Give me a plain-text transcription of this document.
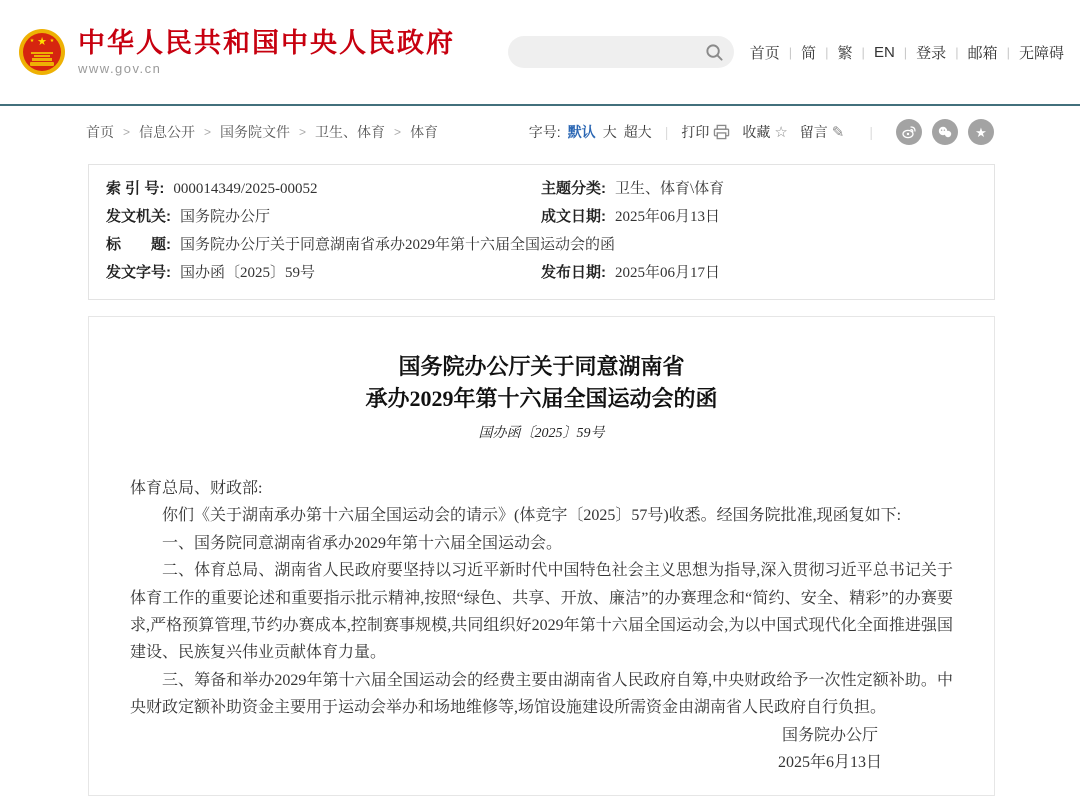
★
★	★ 中华人民共和国中央人民政府
www.gov.cn
首页 | 简 | 繁 | EN | 登录 | 邮箱 | 无障碍
首页 > 信息公开 > 国务院文件 > 卫生、体育 > 体育	字号: 默认 大 超大 | 打印 收藏 ☆ 留言 ✎ |	★
索 引 号: 000014349/2025-00052	主题分类: 卫生、体育\体育
发文机关: 国务院办公厅	成文日期: 2025年06月13日
标　　题: 国务院办公厅关于同意湖南省承办2029年第十六届全国运动会的函
发文字号: 国办函〔2025〕59号	发布日期: 2025年06月17日
国务院办公厅关于同意湖南省
承办2029年第十六届全国运动会的函
国办函〔2025〕59号

体育总局、财政部:

你们《关于湖南承办第十六届全国运动会的请示》(体竞字〔2025〕57号)收悉。经国务院批准,现函复如下:

一、国务院同意湖南省承办2029年第十六届全国运动会。

二、体育总局、湖南省人民政府要坚持以习近平新时代中国特色社会主义思想为指导,深入贯彻习近平总书记关于体育工作的重要论述和重要指示批示精神,按照“绿色、共享、开放、廉洁”的办赛理念和“简约、安全、精彩”的办赛要求,严格预算管理,节约办赛成本,控制赛事规模,共同组织好2029年第十六届全国运动会,为以中国式现代化全面推进强国建设、民族复兴伟业贡献体育力量。

三、筹备和举办2029年第十六届全国运动会的经费主要由湖南省人民政府自筹,中央财政给予一次性定额补助。中央财政定额补助资金主要用于运动会举办和场地维修等,场馆设施建设所需资金由湖南省人民政府自行负担。

国务院办公厅
2025年6月13日
